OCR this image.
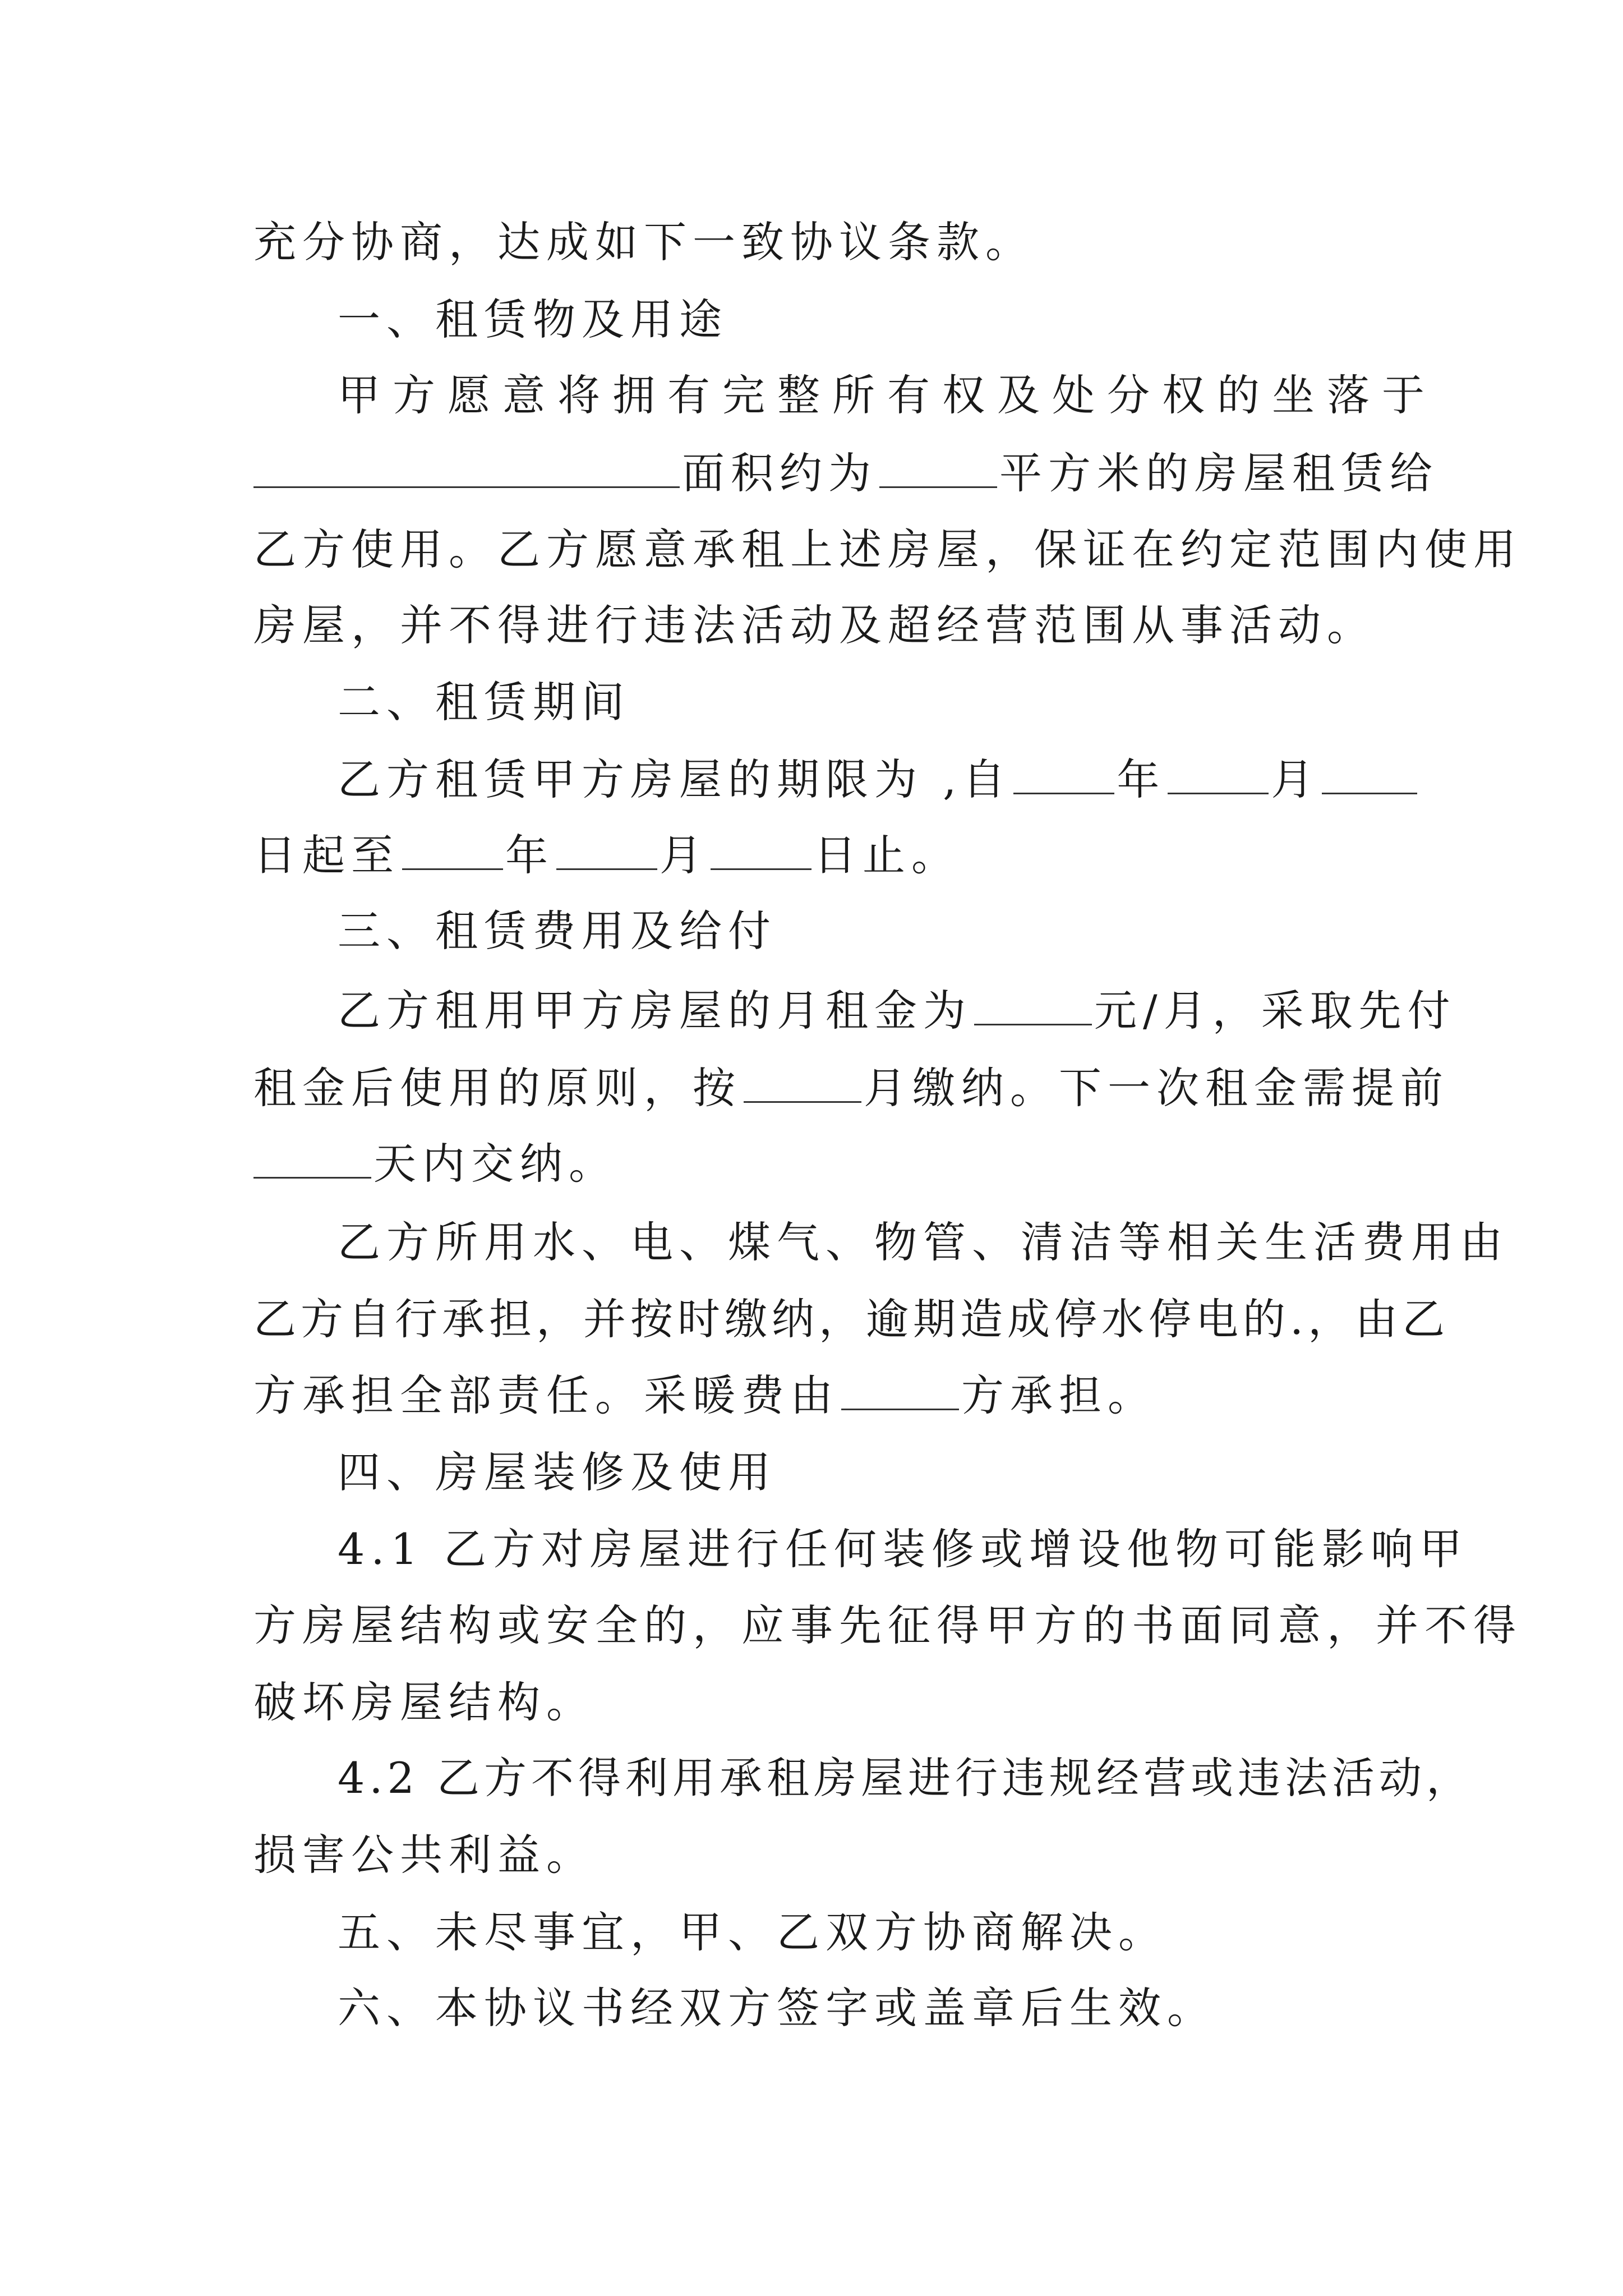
充分协商，达成如下一致协议条款。
一、租赁物及用途
甲方愿意将拥有完整所有权及处分权的坐落于
面积约为	平方米的房屋租赁给
乙方使用。乙方愿意承租上述房屋，保证在约定范围内使用
房屋，并不得进行违法活动及超经营范围从事活动。
二、租赁期间
乙方租赁甲方房屋的期限为 ,自 年 月
日起至 年 月 日止。
三、租赁费用及给付
乙方租用甲方房屋的月租金为	元/月，采取先付
租金后使用的原则，按	月缴纳。下一次租金需提前
天内交纳。
乙方所用水、电、煤气、物管、清洁等相关生活费用由
乙方自行承担，并按时缴纳，逾期造成停水停电的.，由乙
方承担全部责任。采暖费由	方承担。
四、房屋装修及使用
4.1 乙方对房屋进行任何装修或增设他物可能影响甲
方房屋结构或安全的，应事先征得甲方的书面同意，并不得
破坏房屋结构。
4.2 乙方不得利用承租房屋进行违规经营或违法活动，
损害公共利益。
五、未尽事宜，甲、乙双方协商解决。
六、本协议书经双方签字或盖章后生效。
